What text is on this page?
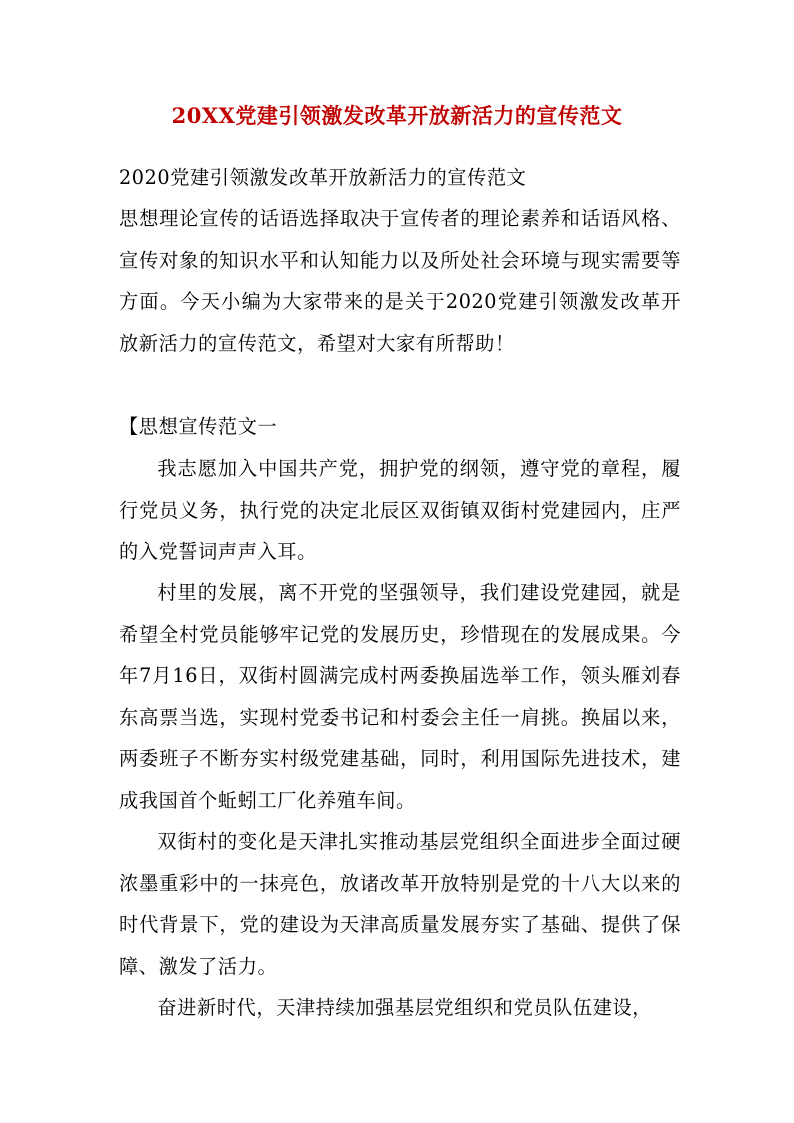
20XX党建引领激发改革开放新活力的宣传范文

2020党建引领激发改革开放新活力的宣传范文

思想理论宣传的话语选择取决于宣传者的理论素养和话语风格、宣传对象的知识水平和认知能力以及所处社会环境与现实需要等方面。今天小编为大家带来的是关于2020党建引领激发改革开放新活力的宣传范文，希望对大家有所帮助！

【思想宣传范文一

我志愿加入中国共产党，拥护党的纲领，遵守党的章程，履行党员义务，执行党的决定北辰区双街镇双街村党建园内，庄严的入党誓词声声入耳。

村里的发展，离不开党的坚强领导，我们建设党建园，就是希望全村党员能够牢记党的发展历史，珍惜现在的发展成果。今年7月16日，双街村圆满完成村两委换届选举工作，领头雁刘春东高票当选，实现村党委书记和村委会主任一肩挑。换届以来，两委班子不断夯实村级党建基础，同时，利用国际先进技术，建成我国首个蚯蚓工厂化养殖车间。

双街村的变化是天津扎实推动基层党组织全面进步全面过硬浓墨重彩中的一抹亮色，放诸改革开放特别是党的十八大以来的时代背景下，党的建设为天津高质量发展夯实了基础、提供了保障、激发了活力。

奋进新时代，天津持续加强基层党组织和党员队伍建设，
